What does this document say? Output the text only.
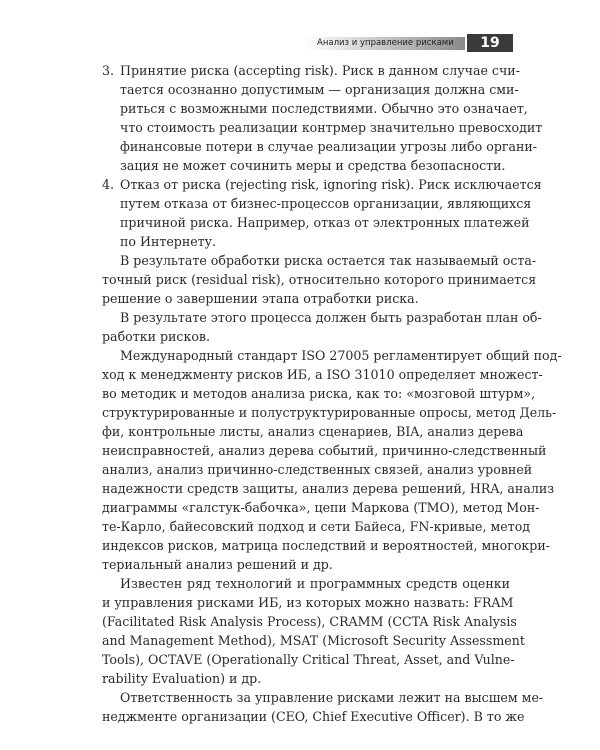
Анализ и управление рисками	19
3. Принятие риска (accepting risk). Риск в данном случае счи-
тается осознанно допустимым — организация должна сми-
риться с возможными последствиями. Обычно это означает,
что стоимость реализации контрмер значительно превосходит
финансовые потери в случае реализации угрозы либо органи-
зация не может сочинить меры и средства безопасности.
4. Отказ от риска (rejecting risk, ignoring risk). Риск исключается
путем отказа от бизнес-процессов организации, являющихся
причиной риска. Например, отказ от электронных платежей
по Интернету.
В результате обработки риска остается так называемый оста-
точный риск (residual risk), относительно которого принимается
решение о завершении этапа отработки риска.
В результате этого процесса должен быть разработан план об-
работки рисков.
Международный стандарт ISO 27005 регламентирует общий под-
ход к менеджменту рисков ИБ, а ISO 31010 определяет множест-
во методик и методов анализа риска, как то: «мозговой штурм»,
структурированные и полуструктурированные опросы, метод Дель-
фи, контрольные листы, анализ сценариев, BIA, анализ дерева
неисправностей, анализ дерева событий, причинно-следственный
анализ, анализ причинно-следственных связей, анализ уровней
надежности средств защиты, анализ дерева решений, HRA, анализ
диаграммы «галстук-бабочка», цепи Маркова (TMO), метод Мон-
те-Карло, байесовский подход и сети Байеса, FN-кривые, метод
индексов рисков, матрица последствий и вероятностей, многокри-
териальный анализ решений и др.
Известен ряд технологий и программных средств оценки
и управления рисками ИБ, из которых можно назвать: FRAM
(Facilitated Risk Analysis Process), CRAMM (CCTA Risk Analysis
and Management Method), MSAT (Microsoft Security Assessment
Tools), OCTAVE (Operationally Critical Threat, Asset, and Vulne-
rability Evaluation) и др.
Ответственность за управление рисками лежит на высшем ме-
неджменте организации (CEO, Chief Executive Officer). В то же
